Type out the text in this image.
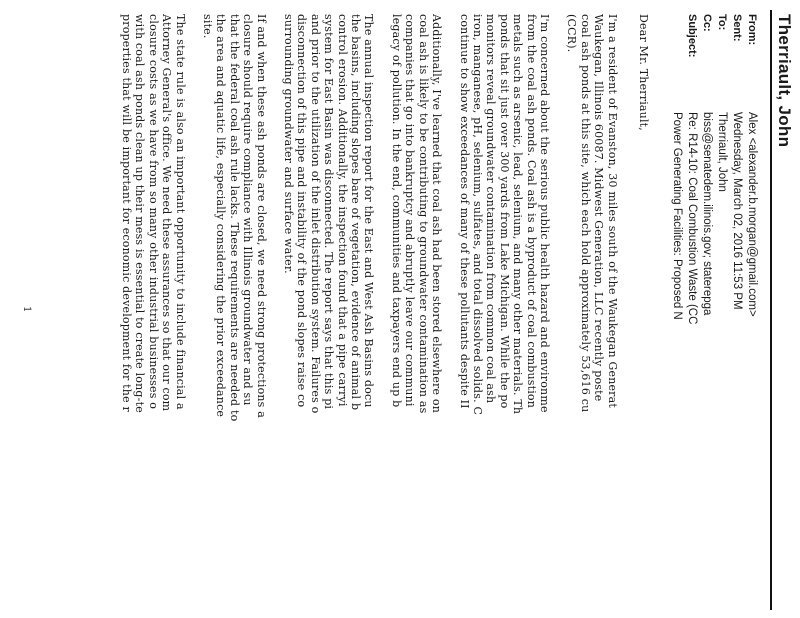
Therriault, John
From:
Sent:
To:
Cc:
Subject:
Alex <alexander.b.morgan@gmail.com>
Wednesday, March 02, 2016 11:53 PM
Therriault, John
biss@senatedem.ilinois.gov; staterepga
Re: R14-10: Coal Combustion Waste (CC
Power Generating Facilities: Proposed N
Dear Mr. Therriault,
I'm a resident of Evanston, 30 miles south of the Waukegan Generat
Waukegan, Illinois 60087. Midwest Generation, LLC recently poste
coal ash ponds at this site, which each hold approximately 53,616 cu
(CCR).
I'm concerned about the serious public health hazard and environme
from the coal ash ponds. Coal ash is a byproduct of coal combustion
metals such as arsenic, lead, selenium, and many other materials. Th
ponds that sit just over 300 yards from Lake Michigan. While the po
monitors reveal groundwater contamination from common coal ash
iron, manganese, pH, selenium, sulfates, and total dissolved solids. C
continue to show exceedances of many of these pollutants despite II
Additionally, I've learned that coal ash had been stored elsewhere on
coal ash is likely to be contributing to groundwater contamination as
companies that go into bankruptcy and abruptly leave our communi
legacy of pollution. In the end, communities and taxpayers end up b
The annual inspection report for the East and West Ash Basins docu
the basins, including slopes bare of vegetation, evidence of animal b
control erosion. Additionally, the inspection found that a pipe carryi
system for East Basin was disconnected. The report says that this pi
and prior to the utilization of the inlet distribution system. Failures o
disconnection of this pipe and instability of the pond slopes raise co
surrounding groundwater and surface water.
If and when these ash ponds are closed, we need strong protections a
closure should require compliance with Illinois groundwater and su
that the federal coal ash rule lacks. These requirements are needed to
the area and aquatic life, especially considering the prior exceedance
site.
The state rule is also an important opportunity to include financial a
Attorney General's office. We need these assurances so that our com
closure costs as we have from so many other industrial businesses o
with coal ash ponds clean up their mess is essential to create long-te
properties that will be important for economic development for the r
1
